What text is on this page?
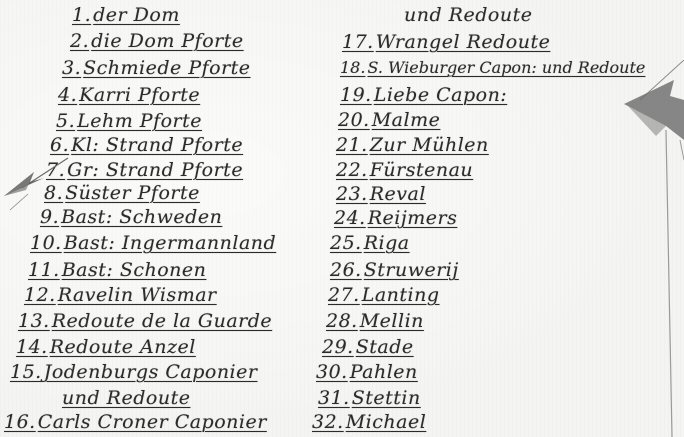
1. der Dom
2. die Dom Pforte
3. Schmiede Pforte
4. Karri Pforte
5. Lehm Pforte
6. Kl: Strand Pforte
7. Gr: Strand Pforte
8. Süster Pforte
9. Bast: Schweden
10. Bast: Ingermannland
11. Bast: Schonen
12. Ravelin Wismar
13. Redoute de la Guarde
14. Redoute Anzel
15. Jodenburgs Caponier
und Redoute
16. Carls Croner Caponier
und Redoute
17. Wrangel Redoute
18. S. Wieburger Capon: und Redoute
19. Liebe Capon:
20. Malme
21. Zur Mühlen
22. Fürstenau
23. Reval
24. Reijmers
25. Riga
26. Struwerij
27. Lanting
28. Mellin
29. Stade
30. Pahlen
31. Stettin
32. Michael
